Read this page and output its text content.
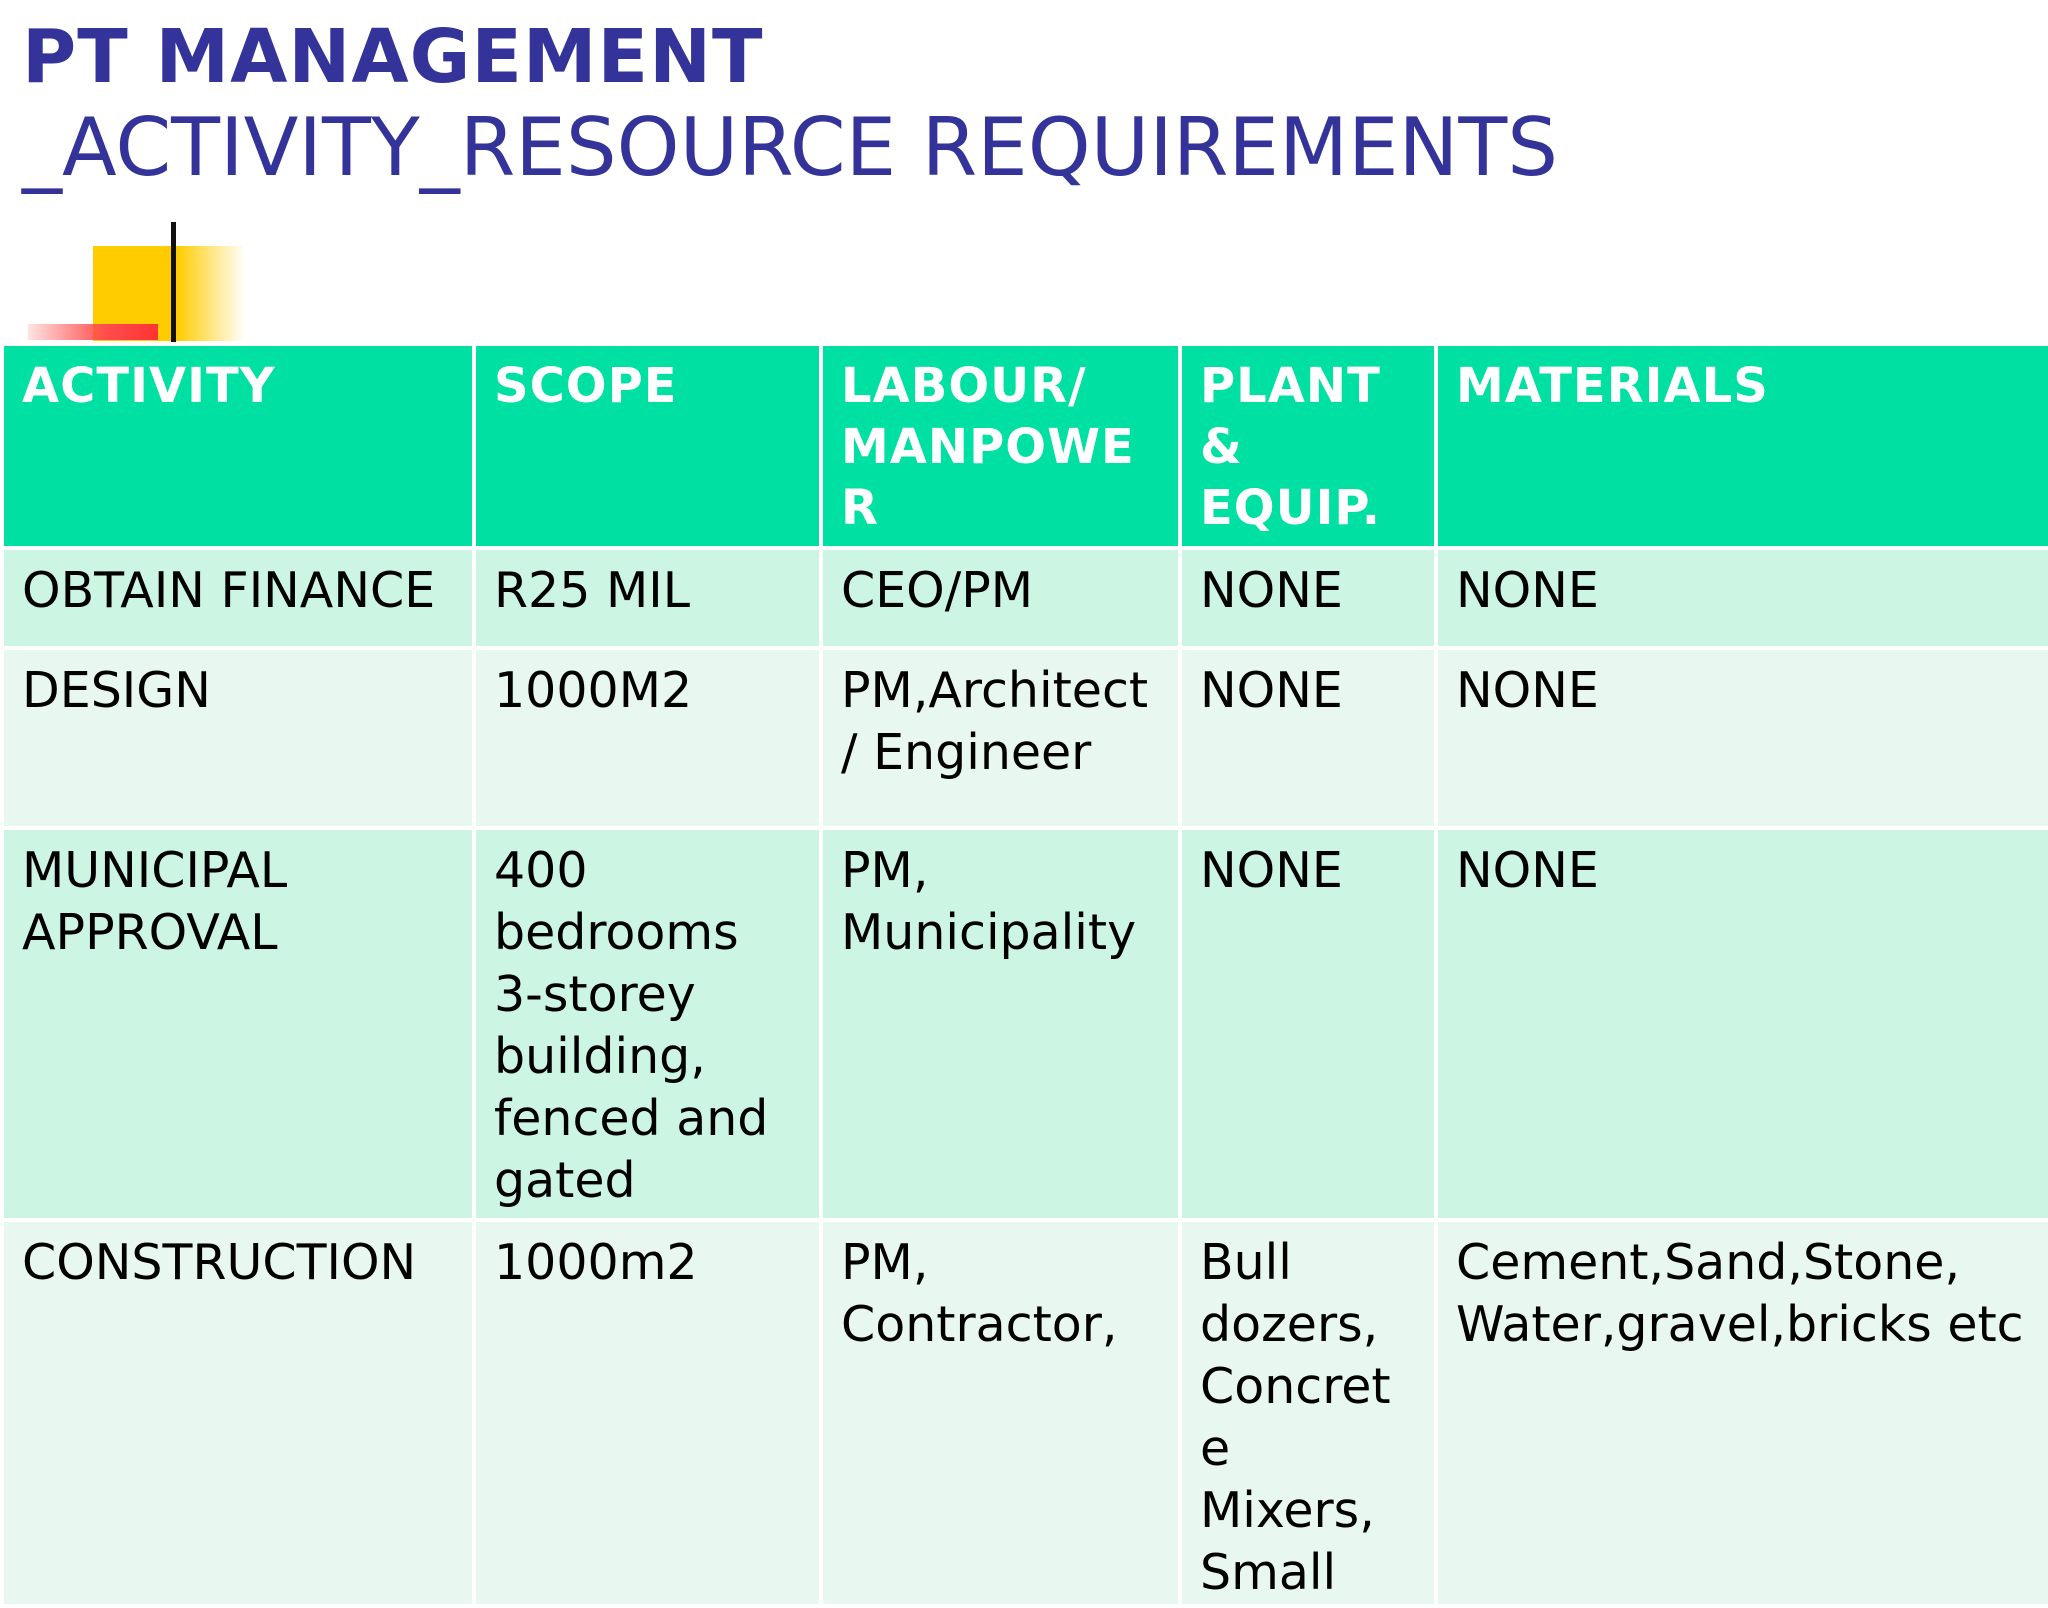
PT MANAGEMENT
_ACTIVITY_RESOURCE REQUIREMENTS
ACTIVITY	SCOPE	LABOUR/ MANPOWER	PLANT & EQUIP.	MATERIALS
OBTAIN FINANCE	R25 MIL	CEO/PM	NONE	NONE
DESIGN	1000M2	PM,Architect/ Engineer	NONE	NONE
MUNICIPAL APPROVAL	400 bedrooms 3-storey building, fenced and gated	PM, Municipality	NONE	NONE
CONSTRUCTION	1000m2	PM, Contractor,	Bull dozers, Concrete Mixers, Small	Cement,Sand,Stone, Water,gravel,bricks etc
